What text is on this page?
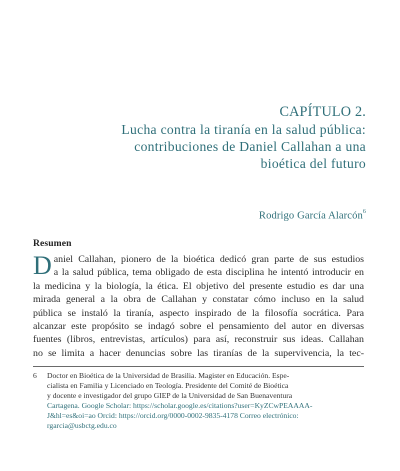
CAPÍTULO 2.

Lucha contra la tiranía en la salud pública:
contribuciones de Daniel Callahan a una
bioética del futuro

Rodrigo García Alarcón$^6$
Resumen
D aniel Callahan, pionero de la bioética dedicó gran parte de sus estudios
a la salud pública, tema obligado de esta disciplina he intentó introducir en
la medicina y la biología, la ética. El objetivo del presente estudio es dar una
mirada general a la obra de Callahan y constatar cómo incluso en la salud
pública se instaló la tiranía, aspecto inspirado de la filosofía socrática. Para
alcanzar este propósito se indagó sobre el pensamiento del autor en diversas
fuentes (libros, entrevistas, artículos) para así, reconstruir sus ideas. Callahan
no se limita a hacer denuncias sobre las tiranías de la supervivencia, la tec-
6	Doctor en Bioética de la Universidad de Brasilia. Magister en Educación. Espe-
cialista en Familia y Licenciado en Teología. Presidente del Comité de Bioética
y docente e investigador del grupo GIEP de la Universidad de San Buenaventura
Cartagena. Google Scholar: https://scholar.google.es/citations?user=KyZCwPEAAAA-
J&hl=es&oi=ao Orcid: https://orcid.org/0000-0002-9835-4178 Correo electrónico:
rgarcia@usbctg.edu.co
